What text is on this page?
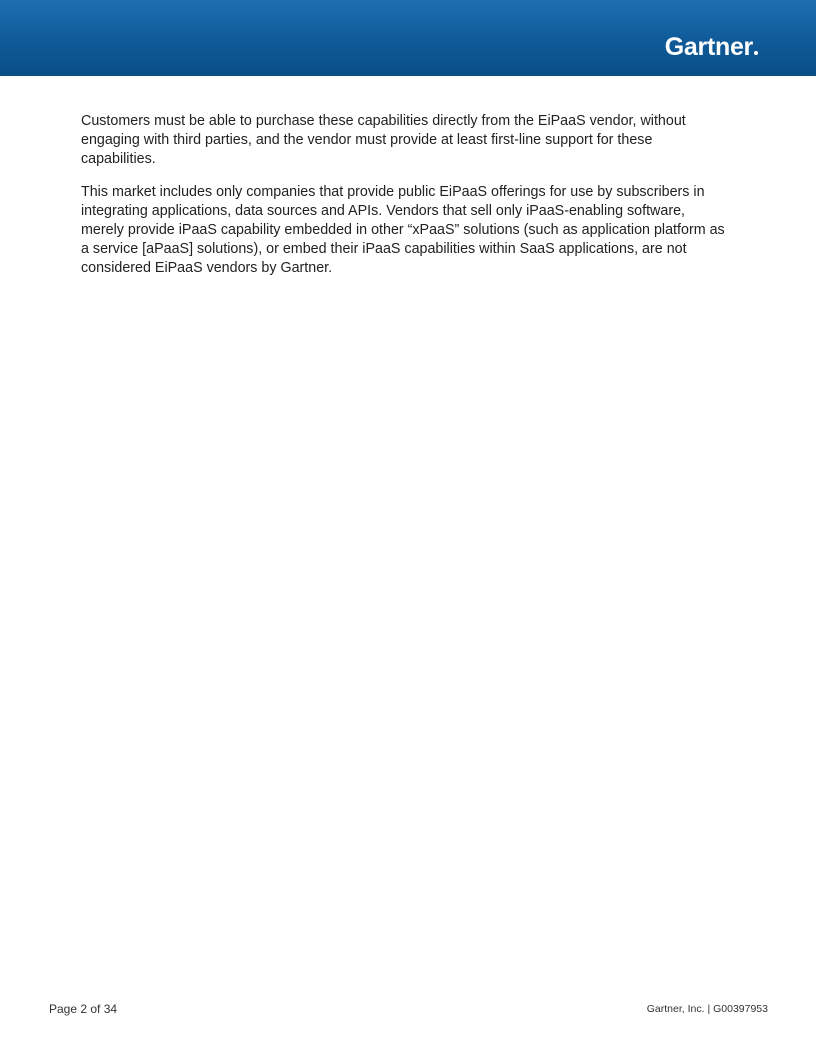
Gartner

Customers must be able to purchase these capabilities directly from the EiPaaS vendor, without engaging with third parties, and the vendor must provide at least first-line support for these capabilities.

This market includes only companies that provide public EiPaaS offerings for use by subscribers in integrating applications, data sources and APIs. Vendors that sell only iPaaS-enabling software, merely provide iPaaS capability embedded in other “xPaaS” solutions (such as application platform as a service [aPaaS] solutions), or embed their iPaaS capabilities within SaaS applications, are not considered EiPaaS vendors by Gartner.

Page 2 of 34	Gartner, Inc. | G00397953
